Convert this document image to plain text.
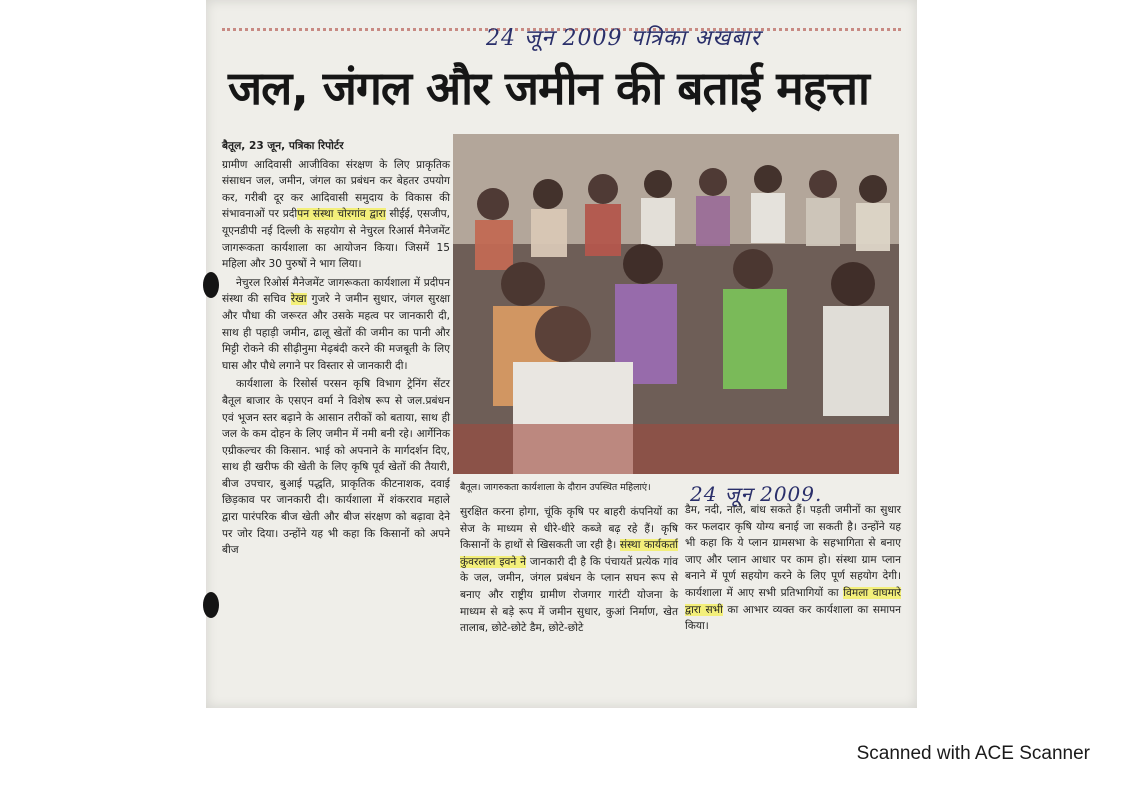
24 जून 2009 पत्रिका अखबार
जल, जंगल और जमीन की बताई महत्ता

बैतूल, 23 जून, पत्रिका रिपोर्टर

ग्रामीण आदिवासी आजीविका संरक्षण के लिए प्राकृतिक संसाधन जल, जमीन, जंगल का प्रबंधन कर बेहतर उपयोग कर, गरीबी दूर कर आदिवासी समुदाय के विकास की संभावनाओं पर प्रदीपन संस्था चोरगांव द्वारा सीईई, एसजीप, यूएनडीपी नई दिल्ली के सहयोग से नेचुरल रिआर्स मैनेजमेंट जागरूकता कार्यशाला का आयोजन किया। जिसमें 15 महिला और 30 पुरुषों ने भाग लिया।

नेचुरल रिओर्स मैनेजमेंट जागरूकता कार्यशाला में प्रदीपन संस्था की सचिव रेखा गुजरे ने जमीन सुधार, जंगल सुरक्षा और पौधा की जरूरत और उसके महत्व पर जानकारी दी, साथ ही पहाड़ी जमीन, ढालू खेतों की जमीन का पानी और मिट्टी रोकने की सीढ़ीनुमा मेढ़बंदी करने की मजबूती के लिए घास और पौधे लगाने पर विस्तार से जानकारी दी।

कार्यशाला के रिसोर्स परसन कृषि विभाग ट्रेनिंग सेंटर बैतूल बाजार के एसएन वर्मा ने विशेष रूप से जल.प्रबंधन एवं भूजन स्तर बढ़ाने के आसान तरीकों को बताया, साथ ही जल के कम दोहन के लिए जमीन में नमी बनी रहे। आर्गेनिक एग्रीकल्चर की किसान. भाई को अपनाने के मार्गदर्शन दिए, साथ ही खरीफ की खेती के लिए कृषि पूर्व खेतों की तैयारी, बीज उपचार, बुआई पद्धति, प्राकृतिक कीटनाशक, दवाई छिड़काव पर जानकारी दी। कार्यशाला में शंकरराव महाले द्वारा पारंपरिक बीज खेती और बीज संरक्षण को बढ़ावा देने पर जोर दिया। उन्होंने यह भी कहा कि किसानों को अपने बीज

बैतूल। जागरुकता कार्यशाला के दौरान उपस्थित महिलाएं। 24 जून 2009.

सुरक्षित करना होगा, चूंकि कृषि पर बाहरी कंपनियों का सेज के माध्यम से धीरे-धीरे कब्जे बढ़ रहे हैं। कृषि किसानों के हाथों से खिसकती जा रही है। संस्था कार्यकर्ता कुंवरलाल इवने ने जानकारी दी है कि पंचायतें प्रत्येक गांव के जल, जमीन, जंगल प्रबंधन के प्लान सघन रूप से बनाए और राष्ट्रीय ग्रामीण रोजगार गारंटी योजना के माध्यम से बड़े रूप में जमीन सुधार, कुआं निर्माण, खेत तालाब, छोटे-छोटे डैम, छोटे-छोटे

डैम, नदी, नाले, बांध सकते हैं। पड़ती जमीनों का सुधार कर फलदार कृषि योग्य बनाई जा सकती है। उन्होंने यह भी कहा कि ये प्लान ग्रामसभा के सहभागिता से बनाए जाए और प्लान आधार पर काम हो। संस्था ग्राम प्लान बनाने में पूर्ण सहयोग करने के लिए पूर्ण सहयोग देगी। कार्यशाला में आए सभी प्रतिभागियों का विमला वाघमारे द्वारा सभी का आभार व्यक्त कर कार्यशाला का समापन किया।

Scanned with ACE Scanner
